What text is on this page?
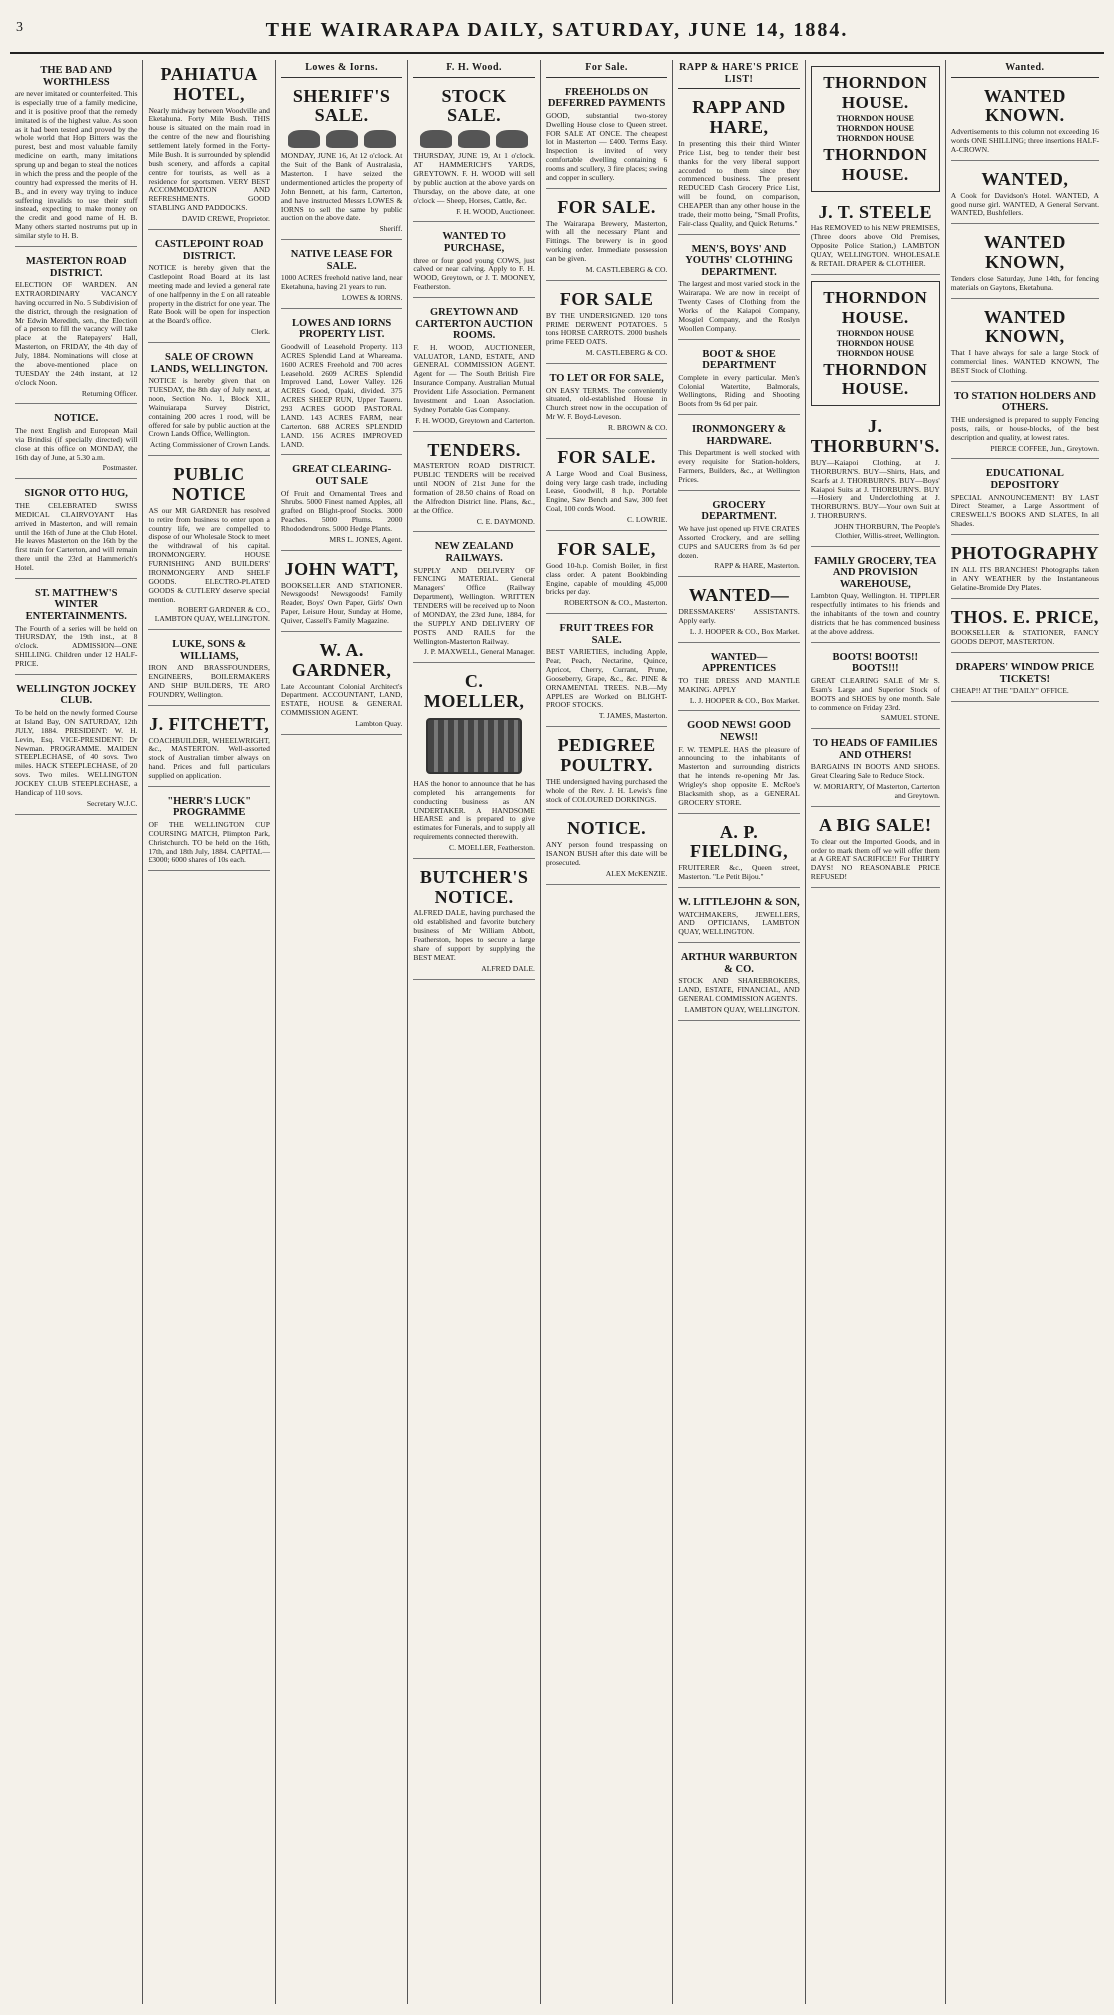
3	THE WAIRARAPA DAILY, SATURDAY, JUNE 14, 1884.
THE BAD AND WORTHLESS
are never imitated or counterfeited. This is especially true of a family medicine, and it is positive proof that the remedy imitated is of the highest value. As soon as it had been tested and proved by the whole world that Hop Bitters was the purest, best and most valuable family medicine on earth, many imitations sprung up and began to steal the notices in which the press and the people of the country had expressed the merits of H. B., and in every way trying to induce suffering invalids to use their stuff instead, expecting to make money on the credit and good name of H. B. Many others started nostrums put up in similar style to H. B.
MASTERTON ROAD DISTRICT.
ELECTION OF WARDEN. AN EXTRAORDINARY VACANCY having occurred in No. 5 Subdivision of the district, through the resignation of Mr Edwin Meredith, sen., the Election of a person to fill the vacancy will take place at the Ratepayers' Hall, Masterton, on FRIDAY, the 4th day of July, 1884. Nominations will close at the above-mentioned place on TUESDAY the 24th instant, at 12 o'clock Noon.
Returning Officer.
NOTICE.
The next English and European Mail via Brindisi (if specially directed) will close at this office on MONDAY, the 16th day of June, at 5.30 a.m.
Postmaster.
SIGNOR OTTO HUG,
THE CELEBRATED SWISS MEDICAL CLAIRVOYANT Has arrived in Masterton, and will remain until the 16th of June at the Club Hotel. He leaves Masterton on the 16th by the first train for Carterton, and will remain there until the 23rd at Hammerich's Hotel.
ST. MATTHEW'S WINTER ENTERTAINMENTS.
The Fourth of a series will be held on THURSDAY, the 19th inst., at 8 o'clock. ADMISSION—ONE SHILLING. Children under 12 HALF-PRICE.
WELLINGTON JOCKEY CLUB.
To be held on the newly formed Course at Island Bay, ON SATURDAY, 12th JULY, 1884. PRESIDENT: W. H. Levin, Esq. VICE-PRESIDENT: Dr Newman. PROGRAMME. MAIDEN STEEPLECHASE, of 40 sovs. Two miles. HACK STEEPLECHASE, of 20 sovs. Two miles. WELLINGTON JOCKEY CLUB STEEPLECHASE, a Handicap of 110 sovs.
Secretary W.J.C.
PAHIATUA HOTEL,
Nearly midway between Woodville and Eketahuna. Forty Mile Bush. THIS house is situated on the main road in the centre of the new and flourishing settlement lately formed in the Forty-Mile Bush. It is surrounded by splendid bush scenery, and affords a capital centre for tourists, as well as a residence for sportsmen. VERY BEST ACCOMMODATION AND REFRESHMENTS. GOOD STABLING AND PADDOCKS.
DAVID CREWE, Proprietor.
CASTLEPOINT ROAD DISTRICT.
NOTICE is hereby given that the Castlepoint Road Board at its last meeting made and levied a general rate of one halfpenny in the £ on all rateable property in the district for one year. The Rate Book will be open for inspection at the Board's office.
Clerk.
SALE OF CROWN LANDS, WELLINGTON.
NOTICE is hereby given that on TUESDAY, the 8th day of July next, at noon, Section No. 1, Block XII., Wainuiarapa Survey District, containing 200 acres 1 rood, will be offered for sale by public auction at the Crown Lands Office, Wellington.
Acting Commissioner of Crown Lands.
PUBLIC NOTICE
AS our MR GARDNER has resolved to retire from business to enter upon a country life, we are compelled to dispose of our Wholesale Stock to meet the withdrawal of his capital. IRONMONGERY. HOUSE FURNISHING AND BUILDERS' IRONMONGERY AND SHELF GOODS. ELECTRO-PLATED GOODS & CUTLERY deserve special mention.
ROBERT GARDNER & CO., LAMBTON QUAY, WELLINGTON.
LUKE, SONS & WILLIAMS,
IRON AND BRASSFOUNDERS, ENGINEERS, BOILERMAKERS AND SHIP BUILDERS, TE ARO FOUNDRY, Wellington.
J. FITCHETT,
COACHBUILDER, WHEELWRIGHT, &c., MASTERTON. Well-assorted stock of Australian timber always on hand. Prices and full particulars supplied on application.
"HERR'S LUCK" PROGRAMME
OF THE WELLINGTON CUP COURSING MATCH, Plimpton Park, Christchurch. TO be held on the 16th, 17th, and 18th July, 1884. CAPITAL—£3000; 6000 shares of 10s each.
Lowes & Iorns.
SHERIFF'S SALE.
MONDAY, JUNE 16, At 12 o'clock. At the Suit of the Bank of Australasia, Masterton. I have seized the undermentioned articles the property of John Bennett, at his farm, Carterton, and have instructed Messrs LOWES & IORNS to sell the same by public auction on the above date.
Sheriff.
NATIVE LEASE FOR SALE.
1000 ACRES freehold native land, near Eketahuna, having 21 years to run.
LOWES & IORNS.
LOWES AND IORNS PROPERTY LIST.
Goodwill of Leasehold Property. 113 ACRES Splendid Land at Whareama. 1600 ACRES Freehold and 700 acres Leasehold. 2609 ACRES Splendid Improved Land, Lower Valley. 126 ACRES Good, Opaki, divided. 375 ACRES SHEEP RUN, Upper Taueru. 293 ACRES GOOD PASTORAL LAND. 143 ACRES FARM, near Carterton. 688 ACRES SPLENDID LAND. 156 ACRES IMPROVED LAND.
GREAT CLEARING-OUT SALE
Of Fruit and Ornamental Trees and Shrubs. 5000 Finest named Apples, all grafted on Blight-proof Stocks. 3000 Peaches. 5000 Plums. 2000 Rhododendrons. 5000 Hedge Plants.
MRS L. JONES, Agent.
JOHN WATT,
BOOKSELLER AND STATIONER. Newsgoods! Newsgoods! Family Reader, Boys' Own Paper, Girls' Own Paper, Leisure Hour, Sunday at Home, Quiver, Cassell's Family Magazine.
W. A. GARDNER,
Late Accountant Colonial Architect's Department. ACCOUNTANT, LAND, ESTATE, HOUSE & GENERAL COMMISSION AGENT.
Lambton Quay.
F. H. Wood.
STOCK SALE.
THURSDAY, JUNE 19, At 1 o'clock. AT HAMMERICH'S YARDS, GREYTOWN. F. H. WOOD will sell by public auction at the above yards on Thursday, on the above date, at one o'clock — Sheep, Horses, Cattle, &c.
F. H. WOOD, Auctioneer.
WANTED TO PURCHASE,
three or four good young COWS, just calved or near calving. Apply to F. H. WOOD, Greytown, or J. T. MOONEY, Featherston.
GREYTOWN AND CARTERTON AUCTION ROOMS.
F. H. WOOD, AUCTIONEER, VALUATOR, LAND, ESTATE, AND GENERAL COMMISSION AGENT. Agent for — The South British Fire Insurance Company. Australian Mutual Provident Life Association. Permanent Investment and Loan Association. Sydney Portable Gas Company.
F. H. WOOD, Greytown and Carterton.
TENDERS.
MASTERTON ROAD DISTRICT. PUBLIC TENDERS will be received until NOON of 21st June for the formation of 28.50 chains of Road on the Alfredton District line. Plans, &c., at the Office.
C. E. DAYMOND.
NEW ZEALAND RAILWAYS.
SUPPLY AND DELIVERY OF FENCING MATERIAL. General Managers' Office (Railway Department), Wellington. WRITTEN TENDERS will be received up to Noon of MONDAY, the 23rd June, 1884, for the SUPPLY AND DELIVERY OF POSTS AND RAILS for the Wellington-Masterton Railway.
J. P. MAXWELL, General Manager.
C. MOELLER,
HAS the honor to announce that he has completed his arrangements for conducting business as AN UNDERTAKER. A HANDSOME HEARSE and is prepared to give estimates for Funerals, and to supply all requirements connected therewith.
C. MOELLER, Featherston.
BUTCHER'S NOTICE.
ALFRED DALE, having purchased the old established and favorite butchery business of Mr William Abbott, Featherston, hopes to secure a large share of support by supplying the BEST MEAT.
ALFRED DALE.
For Sale.
FREEHOLDS ON DEFERRED PAYMENTS
GOOD, substantial two-storey Dwelling House close to Queen street. FOR SALE AT ONCE. The cheapest lot in Masterton — £400. Terms Easy. Inspection is invited of very comfortable dwelling containing 6 rooms and scullery, 3 fire places; swing and copper in scullery.
FOR SALE.
The Wairarapa Brewery, Masterton, with all the necessary Plant and Fittings. The brewery is in good working order. Immediate possession can be given.
M. CASTLEBERG & CO.
FOR SALE
BY THE UNDERSIGNED. 120 tons PRIME DERWENT POTATOES. 5 tons HORSE CARROTS. 2000 bushels prime FEED OATS.
M. CASTLEBERG & CO.
TO LET OR FOR SALE,
ON EASY TERMS. The conveniently situated, old-established House in Church street now in the occupation of Mr W. F. Boyd-Leveson.
R. BROWN & CO.
FOR SALE.
A Large Wood and Coal Business, doing very large cash trade, including Lease, Goodwill, 8 h.p. Portable Engine, Saw Bench and Saw, 300 feet Coal, 100 cords Wood.
C. LOWRIE.
FOR SALE,
Good 10-h.p. Cornish Boiler, in first class order. A patent Bookbinding Engine, capable of moulding 45,000 bricks per day.
ROBERTSON & CO., Masterton.
FRUIT TREES FOR SALE.
BEST VARIETIES, including Apple, Pear, Peach, Nectarine, Quince, Apricot, Cherry, Currant, Prune, Gooseberry, Grape, &c., &c. PINE & ORNAMENTAL TREES. N.B.—My APPLES are Worked on BLIGHT-PROOF STOCKS.
T. JAMES, Masterton.
PEDIGREE POULTRY.
THE undersigned having purchased the whole of the Rev. J. H. Lewis's fine stock of COLOURED DORKINGS.
NOTICE.
ANY person found trespassing on ISANON BUSH after this date will be prosecuted.
ALEX McKENZIE.
RAPP & HARE'S PRICE LIST!
RAPP AND HARE,
In presenting this their third Winter Price List, beg to tender their best thanks for the very liberal support accorded to them since they commenced business. The present REDUCED Cash Grocery Price List, will be found, on comparison, CHEAPER than any other house in the trade, their motto being, "Small Profits, Fair-class Quality, and Quick Returns."
MEN'S, BOYS' AND YOUTHS' CLOTHING DEPARTMENT.
The largest and most varied stock in the Wairarapa. We are now in receipt of Twenty Cases of Clothing from the Works of the Kaiapoi Company, Mosgiel Company, and the Roslyn Woollen Company.
BOOT & SHOE DEPARTMENT
Complete in every particular. Men's Colonial Watertite, Balmorals, Wellingtons, Riding and Shooting Boots from 9s 6d per pair.
IRONMONGERY & HARDWARE.
This Department is well stocked with every requisite for Station-holders, Farmers, Builders, &c., at Wellington Prices.
GROCERY DEPARTMENT.
We have just opened up FIVE CRATES Assorted Crockery, and are selling CUPS and SAUCERS from 3s 6d per dozen.
RAPP & HARE, Masterton.
WANTED—
DRESSMAKERS' ASSISTANTS. Apply early.
L. J. HOOPER & CO., Box Market.
WANTED—APPRENTICES
TO THE DRESS AND MANTLE MAKING. APPLY
L. J. HOOPER & CO., Box Market.
GOOD NEWS! GOOD NEWS!!
F. W. TEMPLE. HAS the pleasure of announcing to the inhabitants of Masterton and surrounding districts that he intends re-opening Mr Jas. Wrigley's shop opposite E. McRoe's Blacksmith shop, as a GENERAL GROCERY STORE.
A. P. FIELDING,
FRUITERER &c., Queen street, Masterton. "Le Petit Bijou."
W. LITTLEJOHN & SON,
WATCHMAKERS, JEWELLERS, AND OPTICIANS, LAMBTON QUAY, WELLINGTON.
ARTHUR WARBURTON & CO.
STOCK AND SHAREBROKERS, LAND, ESTATE, FINANCIAL, AND GENERAL COMMISSION AGENTS.
LAMBTON QUAY, WELLINGTON.
THORNDON HOUSE.
THORNDON HOUSE
THORNDON HOUSE
THORNDON HOUSE
THORNDON HOUSE.
J. T. STEELE
Has REMOVED to his NEW PREMISES, (Three doors above Old Premises, Opposite Police Station,) LAMBTON QUAY, WELLINGTON. WHOLESALE & RETAIL DRAPER & CLOTHIER.
THORNDON HOUSE.
THORNDON HOUSE
THORNDON HOUSE
THORNDON HOUSE
THORNDON HOUSE.
J. THORBURN'S.
BUY—Kaiapoi Clothing, at J. THORBURN'S. BUY—Shirts, Hats, and Scarfs at J. THORBURN'S. BUY—Boys' Kaiapoi Suits at J. THORBURN'S. BUY—Hosiery and Underclothing at J. THORBURN'S. BUY—Your own Suit at J. THORBURN'S.
JOHN THORBURN, The People's Clothier, Willis-street, Wellington.
FAMILY GROCERY, TEA AND PROVISION WAREHOUSE,
Lambton Quay, Wellington. H. TIPPLER respectfully intimates to his friends and the inhabitants of the town and country districts that he has commenced business at the above address.
BOOTS! BOOTS!! BOOTS!!!
GREAT CLEARING SALE of Mr S. Esam's Large and Superior Stock of BOOTS and SHOES by one month. Sale to commence on Friday 23rd.
SAMUEL STONE.
TO HEADS OF FAMILIES AND OTHERS!
BARGAINS IN BOOTS AND SHOES. Great Clearing Sale to Reduce Stock.
W. MORIARTY, Of Masterton, Carterton and Greytown.
A BIG SALE!
To clear out the Imported Goods, and in order to mark them off we will offer them at A GREAT SACRIFICE!! For THIRTY DAYS! NO REASONABLE PRICE REFUSED!
Wanted.
WANTED KNOWN.
Advertisements to this column not exceeding 16 words ONE SHILLING; three insertions HALF-A-CROWN.
WANTED,
A Cook for Davidson's Hotel. WANTED, A good nurse girl. WANTED, A General Servant. WANTED, Bushfellers.
WANTED KNOWN,
Tenders close Saturday, June 14th, for fencing materials on Gaytons, Eketahuna.
WANTED KNOWN,
That I have always for sale a large Stock of commercial lines. WANTED KNOWN, The BEST Stock of Clothing.
TO STATION HOLDERS AND OTHERS.
THE undersigned is prepared to supply Fencing posts, rails, or house-blocks, of the best description and quality, at lowest rates.
PIERCE COFFEE, Jun., Greytown.
EDUCATIONAL DEPOSITORY
SPECIAL ANNOUNCEMENT! BY LAST Direct Steamer, a Large Assortment of CRESWELL'S BOOKS AND SLATES, In all Shades.
PHOTOGRAPHY
IN ALL ITS BRANCHES! Photographs taken in ANY WEATHER by the Instantaneous Gelatine-Bromide Dry Plates.
THOS. E. PRICE,
BOOKSELLER & STATIONER, FANCY GOODS DEPOT, MASTERTON.
DRAPERS' WINDOW PRICE TICKETS!
CHEAP!! AT THE "DAILY" OFFICE.
